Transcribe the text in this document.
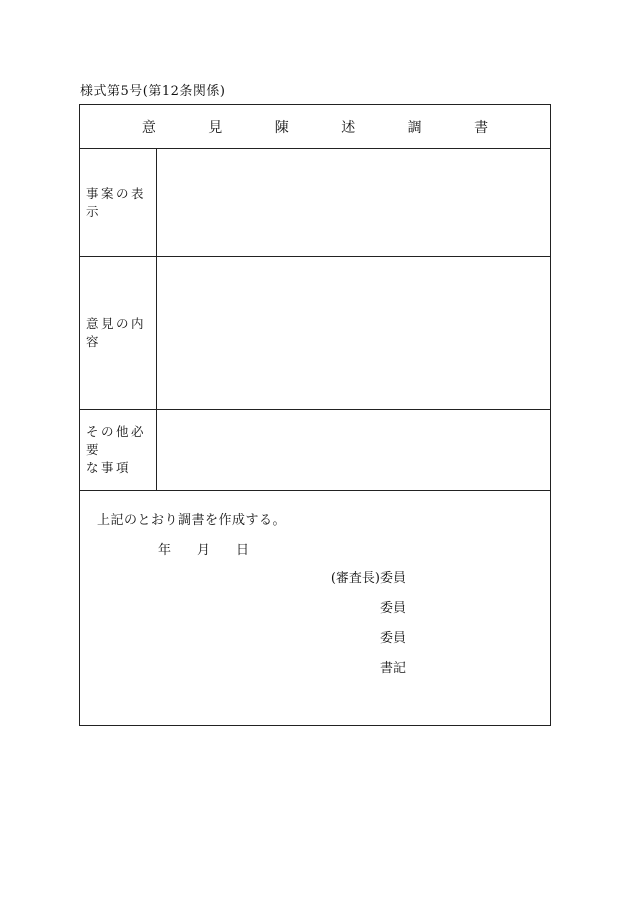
様式第5号(第12条関係)
意 見 陳 述 調 書
事案の表示
意見の内容
その他必要
な事項
上記のとおり調書を作成する。
年 月 日
(審査長)委員
委員
委員
書記
